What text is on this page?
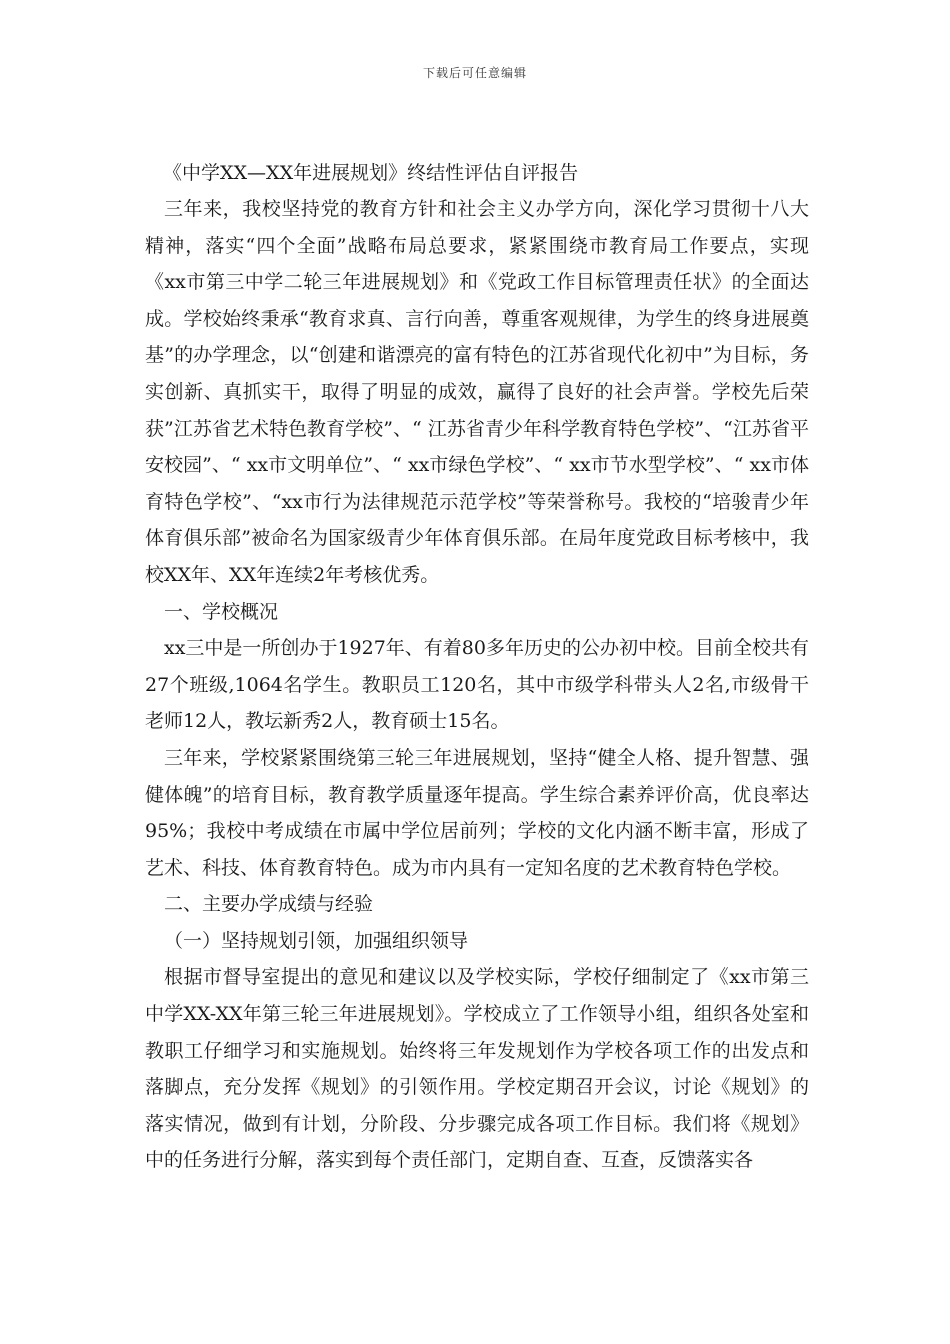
下载后可任意编辑
《中学XX—XX年进展规划》终结性评估自评报告

三年来，我校坚持党的教育方针和社会主义办学方向，深化学习贯彻十八大精神，落实“四个全面”战略布局总要求，紧紧围绕市教育局工作要点，实现《xx市第三中学二轮三年进展规划》和《党政工作目标管理责任状》的全面达成。学校始终秉承“教育求真、言行向善，尊重客观规律，为学生的终身进展奠基”的办学理念，以“创建和谐漂亮的富有特色的江苏省现代化初中”为目标，务实创新、真抓实干，取得了明显的成效，赢得了良好的社会声誉。学校先后荣获”江苏省艺术特色教育学校”、“ 江苏省青少年科学教育特色学校”、“江苏省平安校园”、“ xx市文明单位”、“ xx市绿色学校”、“ xx市节水型学校”、“ xx市体育特色学校”、“xx市行为法律规范示范学校”等荣誉称号。我校的“培骏青少年体育俱乐部”被命名为国家级青少年体育俱乐部。在局年度党政目标考核中，我校XX年、XX年连续2年考核优秀。

一、学校概况

xx三中是一所创办于1927年、有着80多年历史的公办初中校。目前全校共有27个班级,1064名学生。教职员工120名，其中市级学科带头人2名,市级骨干老师12人，教坛新秀2人，教育硕士15名。

三年来，学校紧紧围绕第三轮三年进展规划，坚持“健全人格、提升智慧、强健体魄”的培育目标，教育教学质量逐年提高。学生综合素养评价高，优良率达95%；我校中考成绩在市属中学位居前列；学校的文化内涵不断丰富，形成了艺术、科技、体育教育特色。成为市内具有一定知名度的艺术教育特色学校。

二、主要办学成绩与经验

（一）坚持规划引领，加强组织领导

根据市督导室提出的意见和建议以及学校实际，学校仔细制定了《xx市第三中学XX-XX年第三轮三年进展规划》。学校成立了工作领导小组，组织各处室和教职工仔细学习和实施规划。始终将三年发规划作为学校各项工作的出发点和落脚点，充分发挥《规划》的引领作用。学校定期召开会议，讨论《规划》的落实情况，做到有计划，分阶段、分步骤完成各项工作目标。我们将《规划》中的任务进行分解，落实到每个责任部门，定期自查、互查，反馈落实各
